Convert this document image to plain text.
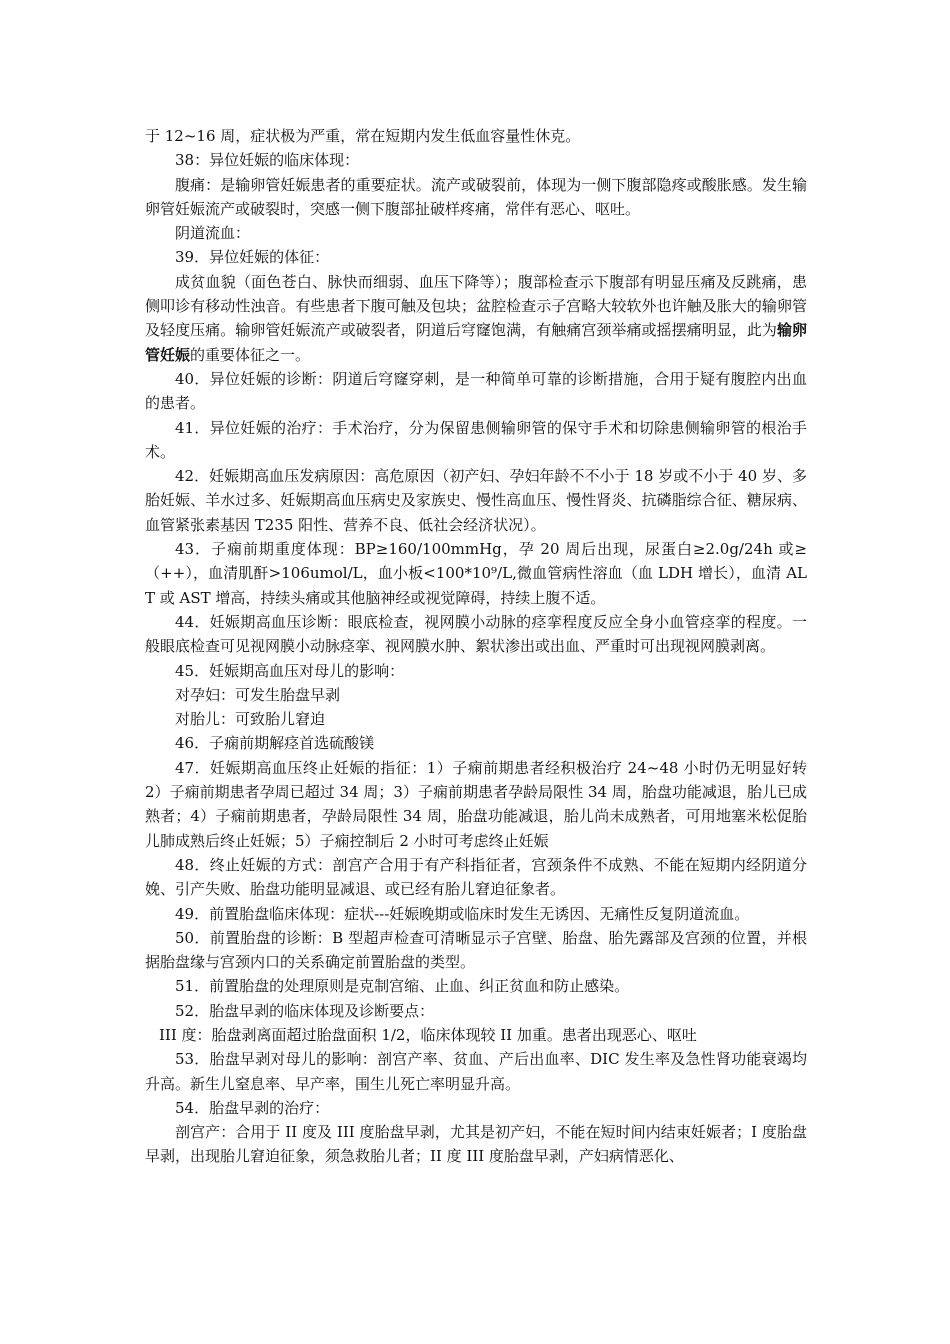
于 12~16 周，症状极为严重，常在短期内发生低血容量性休克。

38：异位妊娠的临床体现：

腹痛：是输卵管妊娠患者的重要症状。流产或破裂前，体现为一侧下腹部隐疼或酸胀感。发生输卵管妊娠流产或破裂时，突感一侧下腹部扯破样疼痛，常伴有恶心、呕吐。

阴道流血：

39．异位妊娠的体征：

成贫血貌（面色苍白、脉快而细弱、血压下降等）；腹部检查示下腹部有明显压痛及反跳痛，患侧叩诊有移动性浊音。有些患者下腹可触及包块；盆腔检查示子宫略大较软外也许触及胀大的输卵管及轻度压痛。输卵管妊娠流产或破裂者，阴道后穹窿饱满，有触痛宫颈举痛或摇摆痛明显，此为输卵管妊娠的重要体征之一。

40．异位妊娠的诊断：阴道后穹窿穿刺，是一种简单可靠的诊断措施，合用于疑有腹腔内出血的患者。

41．异位妊娠的治疗：手术治疗，分为保留患侧输卵管的保守手术和切除患侧输卵管的根治手术。

42．妊娠期高血压发病原因：高危原因（初产妇、孕妇年龄不不小于 18 岁或不小于 40 岁、多胎妊娠、羊水过多、妊娠期高血压病史及家族史、慢性高血压、慢性肾炎、抗磷脂综合征、糖尿病、血管紧张素基因 T235 阳性、营养不良、低社会经济状况）。

43．子痫前期重度体现：BP≥160/100mmHg，孕 20 周后出现，尿蛋白≥2.0g/24h 或≥（++），血清肌酐>106umol/L，血小板<100*10⁹/L,微血管病性溶血（血 LDH 增长），血清 ALT 或 AST 增高，持续头痛或其他脑神经或视觉障碍，持续上腹不适。

44．妊娠期高血压诊断：眼底检查，视网膜小动脉的痉挛程度反应全身小血管痉挛的程度。一般眼底检查可见视网膜小动脉痉挛、视网膜水肿、絮状渗出或出血、严重时可出现视网膜剥离。

45．妊娠期高血压对母儿的影响：

对孕妇：可发生胎盘早剥

对胎儿：可致胎儿窘迫

46．子痫前期解痉首选硫酸镁

47．妊娠期高血压终止妊娠的指征：1）子痫前期患者经积极治疗 24~48 小时仍无明显好转 2）子痫前期患者孕周已超过 34 周；3）子痫前期患者孕龄局限性 34 周，胎盘功能减退，胎儿已成熟者；4）子痫前期患者，孕龄局限性 34 周，胎盘功能减退，胎儿尚未成熟者，可用地塞米松促胎儿肺成熟后终止妊娠；5）子痫控制后 2 小时可考虑终止妊娠

48．终止妊娠的方式：剖宫产合用于有产科指征者，宫颈条件不成熟、不能在短期内经阴道分娩、引产失败、胎盘功能明显减退、或已经有胎儿窘迫征象者。

49．前置胎盘临床体现：症状---妊娠晚期或临床时发生无诱因、无痛性反复阴道流血。

50．前置胎盘的诊断：B 型超声检查可清晰显示子宫壁、胎盘、胎先露部及宫颈的位置，并根据胎盘缘与宫颈内口的关系确定前置胎盘的类型。

51．前置胎盘的处理原则是克制宫缩、止血、纠正贫血和防止感染。

52．胎盘早剥的临床体现及诊断要点：

III 度：胎盘剥离面超过胎盘面积 1/2，临床体现较 II 加重。患者出现恶心、呕吐

53．胎盘早剥对母儿的影响：剖宫产率、贫血、产后出血率、DIC 发生率及急性肾功能衰竭均升高。新生儿窒息率、早产率，围生儿死亡率明显升高。

54．胎盘早剥的治疗：

剖宫产：合用于 II 度及 III 度胎盘早剥，尤其是初产妇，不能在短时间内结束妊娠者；I 度胎盘早剥，出现胎儿窘迫征象，须急救胎儿者；II 度 III 度胎盘早剥，产妇病情恶化、
